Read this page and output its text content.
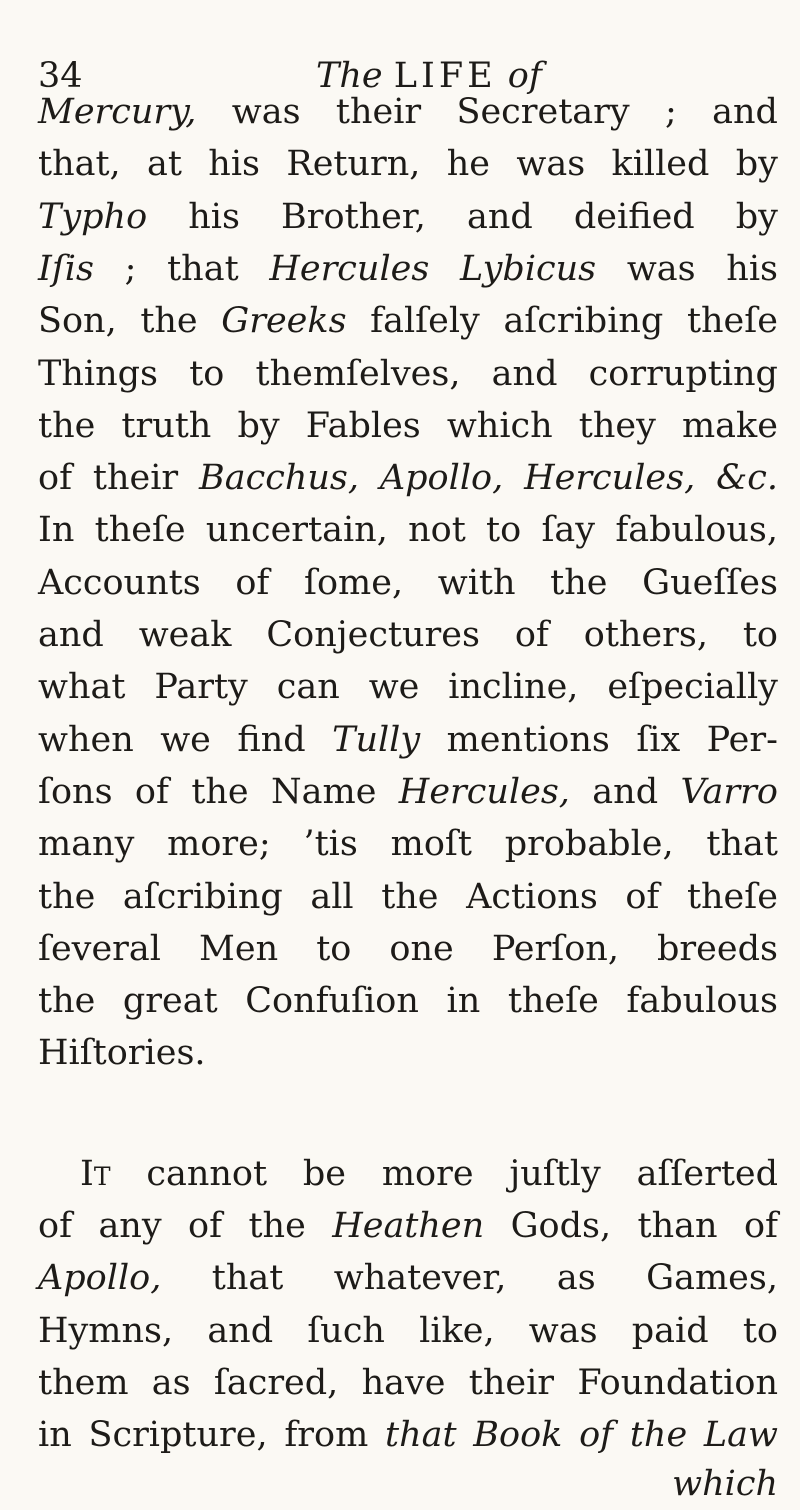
34	The LIFE of
Mercury, was their Secretary ; and
that, at his Return, he was killed by
Typho his Brother, and deified by
Iſis ; that Hercules Lybicus was his
Son, the Greeks falſely aſcribing theſe
Things to themſelves, and corrupting
the truth by Fables which they make
of their Bacchus, Apollo, Hercules, &c.
In theſe uncertain, not to ſay fabulous,
Accounts of ſome, with the Gueſſes
and weak Conjectures of others, to
what Party can we incline, eſpecially
when we find Tully mentions ſix Per-
ſons of the Name Hercules, and Varro
many more; ’tis moſt probable, that
the aſcribing all the Actions of theſe
ſeveral Men to one Perſon, breeds
the great Confuſion in theſe fabulous
Hiſtories.
It cannot be more juſtly aſſerted
of any of the Heathen Gods, than of
Apollo, that whatever, as Games,
Hymns, and ſuch like, was paid to
them as ſacred, have their Foundation
in Scripture, from that Book of the Law
which
